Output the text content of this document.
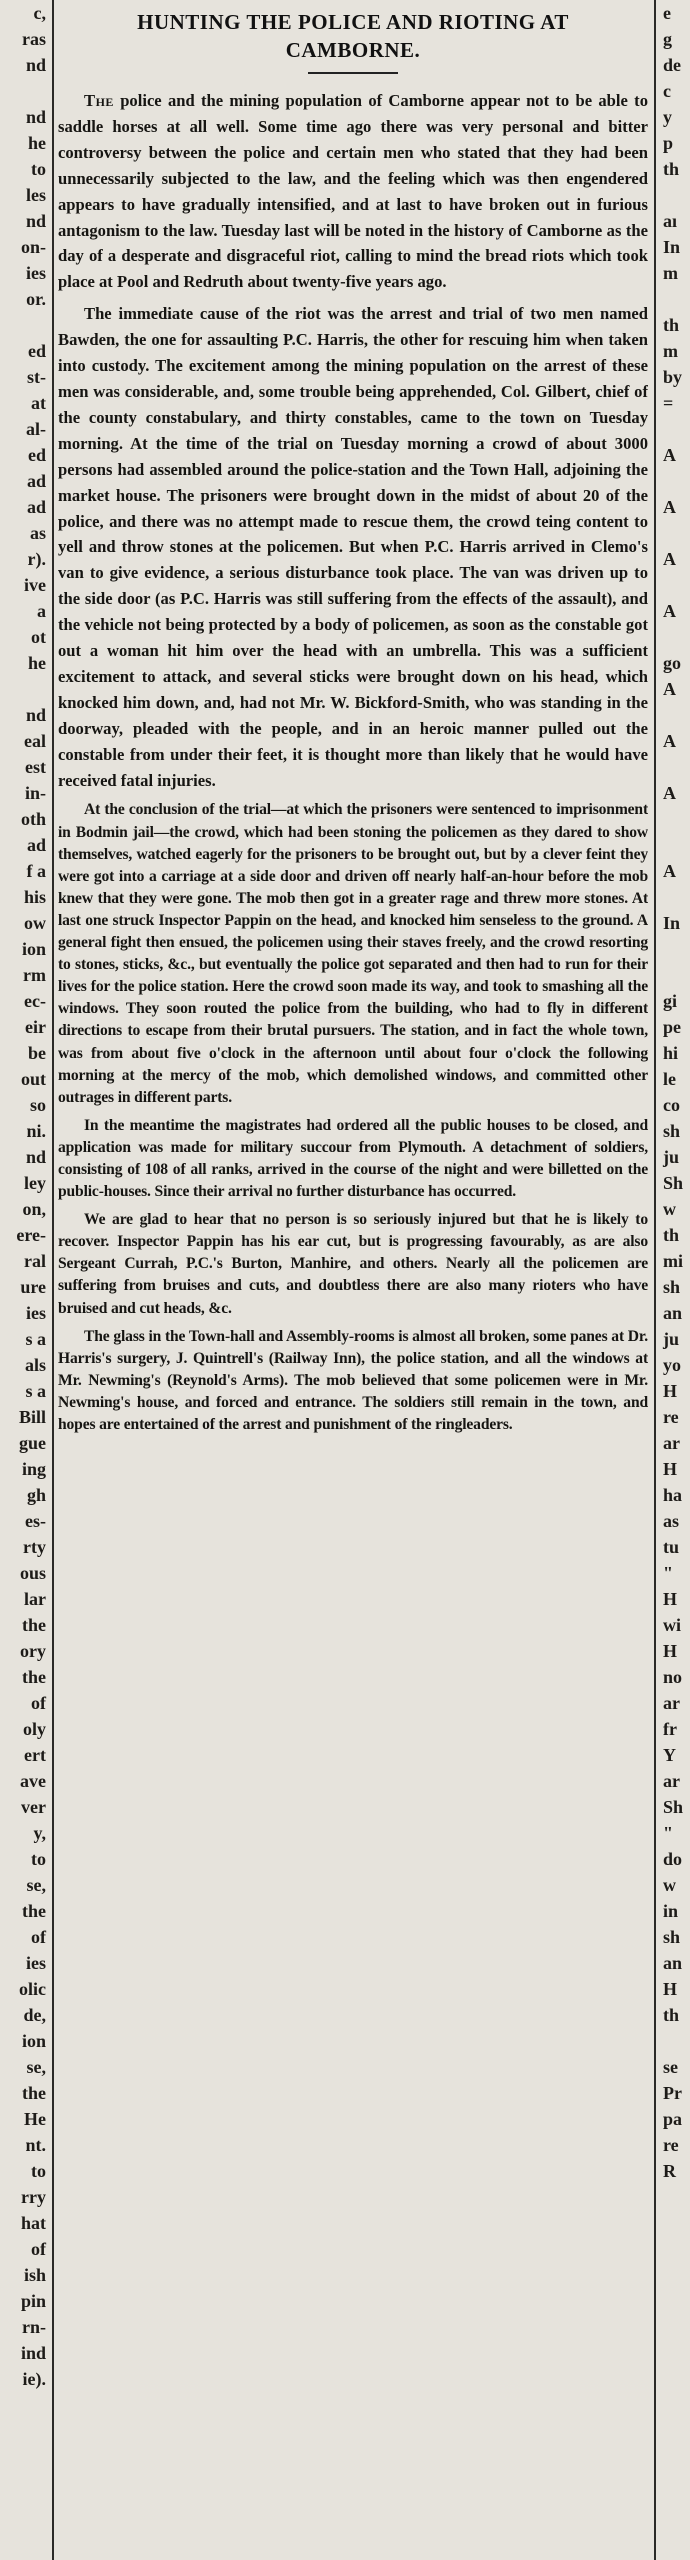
c,
ras
nd

nd
he
to
les
nd
on-
ies
or.

ed
st-
at
al-
ed
ad
ad
as
r).
ive
a
ot
he

nd
eal
est
in-
oth
ad
f a
his
ow
ion
rm
ec-
eir
be
out
so
ni.
nd
ley
on,
ere-
ral
ure
ies
s a
als
s a
Bill
gue
ing
gh
es-
rty
ous
lar
the
ory
the
of
oly
ert
ave
ver
y,
to
se,
the
of
ies
olic
de,
ion
se,
the
He
nt.
to
rry
hat
of
ish
pin
rn-
ind
ie).
HUNTING THE POLICE AND RIOTING AT
CAMBORNE.

The police and the mining population of Camborne appear not to be able to saddle horses at all well. Some time ago there was very personal and bitter controversy between the police and certain men who stated that they had been unnecessarily subjected to the law, and the feeling which was then engendered appears to have gradually intensified, and at last to have broken out in furious antagonism to the law. Tuesday last will be noted in the history of Camborne as the day of a desperate and disgraceful riot, calling to mind the bread riots which took place at Pool and Redruth about twenty-five years ago.

The immediate cause of the riot was the arrest and trial of two men named Bawden, the one for assaulting P.C. Harris, the other for rescuing him when taken into custody. The excitement among the mining population on the arrest of these men was considerable, and, some trouble being apprehended, Col. Gilbert, chief of the county constabulary, and thirty constables, came to the town on Tuesday morning. At the time of the trial on Tuesday morning a crowd of about 3000 persons had assembled around the police-station and the Town Hall, adjoining the market house. The prisoners were brought down in the midst of about 20 of the police, and there was no attempt made to rescue them, the crowd teing content to yell and throw stones at the policemen. But when P.C. Harris arrived in Clemo's van to give evidence, a serious disturbance took place. The van was driven up to the side door (as P.C. Harris was still suffering from the effects of the assault), and the vehicle not being protected by a body of policemen, as soon as the constable got out a woman hit him over the head with an umbrella. This was a sufficient excitement to attack, and several sticks were brought down on his head, which knocked him down, and, had not Mr. W. Bickford-Smith, who was standing in the doorway, pleaded with the people, and in an heroic manner pulled out the constable from under their feet, it is thought more than likely that he would have received fatal injuries.

At the conclusion of the trial—at which the prisoners were sentenced to imprisonment in Bodmin jail—the crowd, which had been stoning the policemen as they dared to show themselves, watched eagerly for the prisoners to be brought out, but by a clever feint they were got into a carriage at a side door and driven off nearly half-an-hour before the mob knew that they were gone. The mob then got in a greater rage and threw more stones. At last one struck Inspector Pappin on the head, and knocked him senseless to the ground. A general fight then ensued, the policemen using their staves freely, and the crowd resorting to stones, sticks, &c., but eventually the police got separated and then had to run for their lives for the police station. Here the crowd soon made its way, and took to smashing all the windows. They soon routed the police from the building, who had to fly in different directions to escape from their brutal pursuers. The station, and in fact the whole town, was from about five o'clock in the afternoon until about four o'clock the following morning at the mercy of the mob, which demolished windows, and committed other outrages in different parts.

In the meantime the magistrates had ordered all the public houses to be closed, and application was made for military succour from Plymouth. A detachment of soldiers, consisting of 108 of all ranks, arrived in the course of the night and were billetted on the public-houses. Since their arrival no further disturbance has occurred.

We are glad to hear that no person is so seriously injured but that he is likely to recover. Inspector Pappin has his ear cut, but is progressing favourably, as are also Sergeant Currah, P.C.'s Burton, Manhire, and others. Nearly all the policemen are suffering from bruises and cuts, and doubtless there are also many rioters who have bruised and cut heads, &c.

The glass in the Town-hall and Assembly-rooms is almost all broken, some panes at Dr. Harris's surgery, J. Quintrell's (Railway Inn), the police station, and all the windows at Mr. Newming's (Reynold's Arms). The mob believed that some policemen were in Mr. Newming's house, and forced and entrance. The soldiers still remain in the town, and hopes are entertained of the arrest and punishment of the ringleaders.

e
g
de
c
y
p
th

aı
In
m

th
m
by
=

A

A

A

A

go
A

A

A

A

In

gi
pe
hi
le
co
sh
ju
Sh
w
th
mi
sh
an
ju
yo
H
re
ar
H
ha
as
tu
"
H
wi
H
no
ar
fr
Y
ar
Sh
"
do
w
in
sh
an
H
th

se
Pr
pa
re
R
